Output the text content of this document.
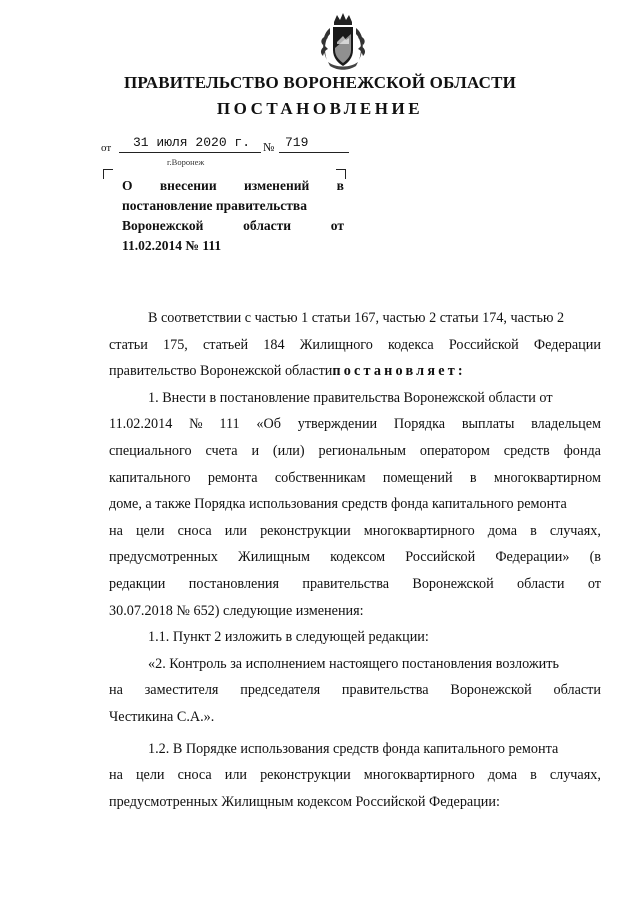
ПРАВИТЕЛЬСТВО ВОРОНЕЖСКОЙ ОБЛАСТИ
ПОСТАНОВЛЕНИЕ
от 31 июля 2020 г. № 719
г.Воронеж
О внесении изменений в
постановление правительства
Воронежской	области	от
11.02.2014 № 111
В соответствии с частью 1 статьи 167, частью 2 статьи 174, частью 2
статьи 175, статьей 184 Жилищного кодекса Российской Федерации
правительство Воронежской области постановляет:
1. Внести в постановление правительства Воронежской области от
11.02.2014 № 111 «Об утверждении Порядка выплаты владельцем
специального счета и (или) региональным оператором средств фонда
капитального ремонта собственникам помещений в многоквартирном
доме, а также Порядка использования средств фонда капитального ремонта
на цели сноса или реконструкции многоквартирного дома в случаях,
предусмотренных Жилищным кодексом Российской Федерации» (в
редакции постановления правительства Воронежской области от
30.07.2018 № 652) следующие изменения:
1.1. Пункт 2 изложить в следующей редакции:
«2. Контроль за исполнением настоящего постановления возложить
на заместителя председателя правительства Воронежской области
Честикина С.А.».
1.2. В Порядке использования средств фонда капитального ремонта
на цели сноса или реконструкции многоквартирного дома в случаях,
предусмотренных Жилищным кодексом Российской Федерации:
